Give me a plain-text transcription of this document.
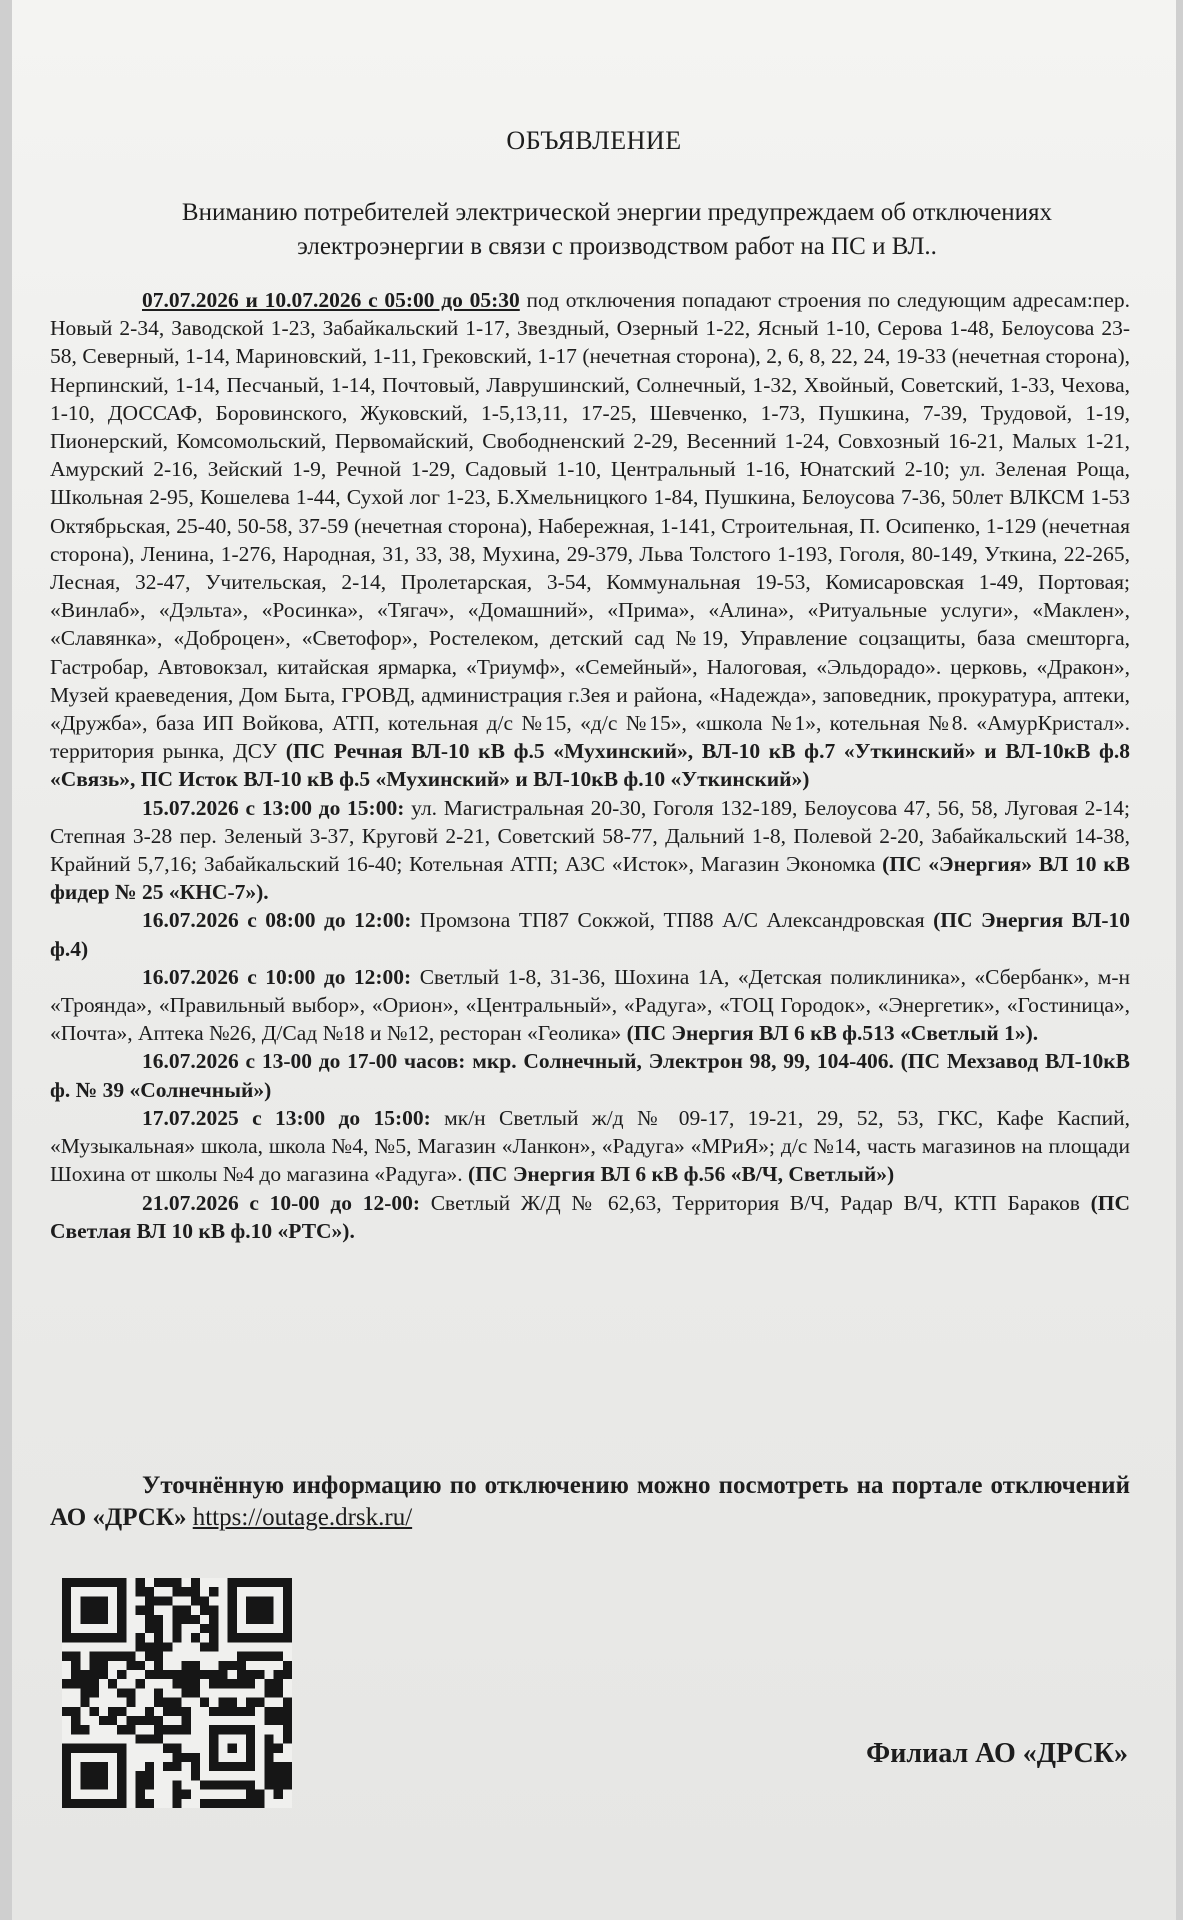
ОБЪЯВЛЕНИЕ
Вниманию потребителей электрической энергии предупреждаем об отключениях электроэнергии в связи с производством работ на ПС и ВЛ..

07.07.2026 и 10.07.2026 с 05:00 до 05:30 под отключения попадают строения по следующим адресам:пер. Новый 2-34, Заводской 1-23, Забайкальский 1-17, Звездный, Озерный 1-22, Ясный 1-10, Серова 1-48, Белоусова 23-58, Северный, 1-14, Мариновский, 1-11, Грековский, 1-17 (нечетная сторона), 2, 6, 8, 22, 24, 19-33 (нечетная сторона), Нерпинский, 1-14, Песчаный, 1-14, Почтовый, Лаврушинский, Солнечный, 1-32, Хвойный, Советский, 1-33, Чехова, 1-10, ДОССАФ, Боровинского, Жуковский, 1-5,13,11, 17-25, Шевченко, 1-73, Пушкина, 7-39, Трудовой, 1-19, Пионерский, Комсомольский, Первомайский, Свободненский 2-29, Весенний 1-24, Совхозный 16-21, Малых 1-21, Амурский 2-16, Зейский 1-9, Речной 1-29, Садовый 1-10, Центральный 1-16, Юнатский 2-10; ул. Зеленая Роща, Школьная 2-95, Кошелева 1-44, Сухой лог 1-23, Б.Хмельницкого 1-84, Пушкина, Белоусова 7-36, 50лет ВЛКСМ 1-53 Октябрьская, 25-40, 50-58, 37-59 (нечетная сторона), Набережная, 1-141, Строительная, П. Осипенко, 1-129 (нечетная сторона), Ленина, 1-276, Народная, 31, 33, 38, Мухина, 29-379, Льва Толстого 1-193, Гоголя, 80-149, Уткина, 22-265, Лесная, 32-47, Учительская, 2-14, Пролетарская, 3-54, Коммунальная 19-53, Комисаровская 1-49, Портовая; «Винлаб», «Дэльта», «Росинка», «Тягач», «Домашний», «Прима», «Алина», «Ритуальные услуги», «Маклен», «Славянка», «Доброцен», «Светофор», Ростелеком, детский сад №19, Управление соцзащиты, база смешторга, Гастробар, Автовокзал, китайская ярмарка, «Триумф», «Семейный», Налоговая, «Эльдорадо». церковь, «Дракон», Музей краеведения, Дом Быта, ГРОВД, администрация г.Зея и района, «Надежда», заповедник, прокуратура, аптеки, «Дружба», база ИП Войкова, АТП, котельная д/с №15, «д/с №15», «школа №1», котельная №8. «АмурКристал». территория рынка, ДСУ (ПС Речная ВЛ-10 кВ ф.5 «Мухинский», ВЛ-10 кВ ф.7 «Уткинский» и ВЛ-10кВ ф.8 «Связь», ПС Исток ВЛ-10 кВ ф.5 «Мухинский» и ВЛ-10кВ ф.10 «Уткинский»)

15.07.2026 с 13:00 до 15:00: ул. Магистральная 20-30, Гоголя 132-189, Белоусова 47, 56, 58, Луговая 2-14; Степная 3-28 пер. Зеленый 3-37, Круговй 2-21, Советский 58-77, Дальний 1-8, Полевой 2-20, Забайкальский 14-38, Крайний 5,7,16; Забайкальский 16-40; Котельная АТП; АЗС «Исток», Магазин Экономка (ПС «Энергия» ВЛ 10 кВ фидер № 25 «КНС-7»).

16.07.2026 с 08:00 до 12:00: Промзона ТП87 Сокжой, ТП88 А/С Александровская (ПС Энергия ВЛ-10 ф.4)

16.07.2026 с 10:00 до 12:00: Светлый 1-8, 31-36, Шохина 1А, «Детская поликлиника», «Сбербанк», м-н «Троянда», «Правильный выбор», «Орион», «Центральный», «Радуга», «ТОЦ Городок», «Энергетик», «Гостиница», «Почта», Аптека №26, Д/Сад №18 и №12, ресторан «Геолика» (ПС Энергия ВЛ 6 кВ ф.513 «Светлый 1»).

16.07.2026 с 13-00 до 17-00 часов: мкр. Солнечный, Электрон 98, 99, 104-406. (ПС Мехзавод ВЛ-10кВ ф. № 39 «Солнечный»)

17.07.2025 с 13:00 до 15:00: мк/н Светлый ж/д № 09-17, 19-21, 29, 52, 53, ГКС, Кафе Каспий, «Музыкальная» школа, школа №4, №5, Магазин «Ланкон», «Радуга» «МРиЯ»; д/с №14, часть магазинов на площади Шохина от школы №4 до магазина «Радуга». (ПС Энергия ВЛ 6 кВ ф.56 «В/Ч, Светлый»)

21.07.2026 с 10-00 до 12-00: Светлый Ж/Д № 62,63, Территория В/Ч, Радар В/Ч, КТП Бараков (ПС Светлая ВЛ 10 кВ ф.10 «РТС»).

Уточнённую информацию по отключению можно посмотреть на портале отключений АО «ДРСК» https://outage.drsk.ru/
Филиал АО «ДРСК»
